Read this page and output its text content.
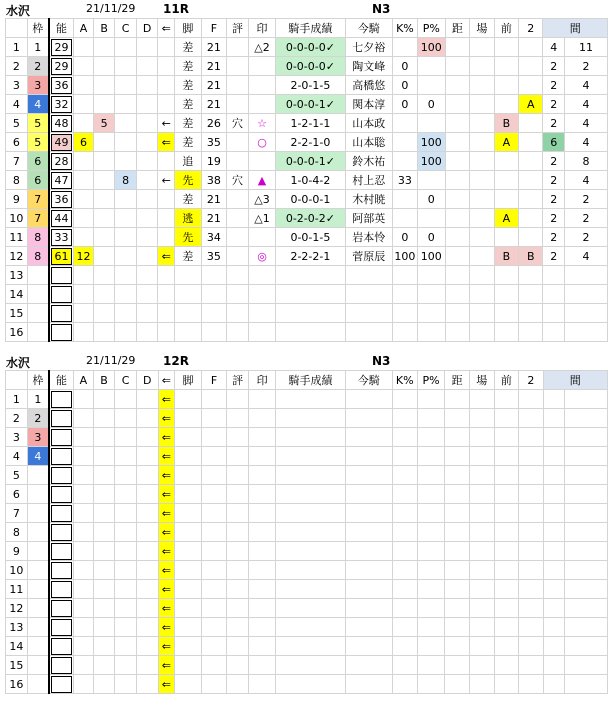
水沢	21/11/29 11R	N3
	枠	能	A	B	C	D	⇐	脚	F	評	印	騎手成績	今騎	K%	P%	距	場	前	2	間	
1	1	29						差	21		△2	0-0-0-0✓	七夕裕		100					4	11
2	2	29						差	21			0-0-0-0✓	陶文峰	0						2	2
3	3	36						差	21			2-0-1-5	高橋悠	0						2	4
4	4	32						差	21			0-0-0-1✓	関本淳	0	0				A	2	4
5	5	48		5			←	差	26	穴	☆	1-2-1-1	山本政					B		2	4
6	5	49	6				⇐	差	35		○	2-2-1-0	山本聡		100			A		6	4
7	6	28						追	19			0-0-0-1✓	鈴木祐		100					2	8
8	6	47			8		←	先	38	穴	▲	1-0-4-2	村上忍	33						2	4
9	7	36						差	21		△3	0-0-0-1	木村暁		0					2	2
10	7	44						逃	21		△1	0-2-0-2✓	阿部英					A		2	2
11	8	33						先	34			0-0-1-5	岩本怜	0	0					2	2
12	8	61	12				⇐	差	35		◎	2-2-2-1	菅原辰	100	100			B	B	2	4
13		

14		

15		

16		

水沢	21/11/29 12R	N3
	枠	能	A	B	C	D	⇐	脚	F	評	印	騎手成績	今騎	K%	P%	距	場	前	2	間	
1	1						⇐														
2	2						⇐														
3	3						⇐														
4	4						⇐														
5							⇐														
6							⇐														
7							⇐														
8							⇐														
9							⇐														
10							⇐														
11							⇐														
12							⇐														
13							⇐														
14							⇐														
15							⇐														
16							⇐														
